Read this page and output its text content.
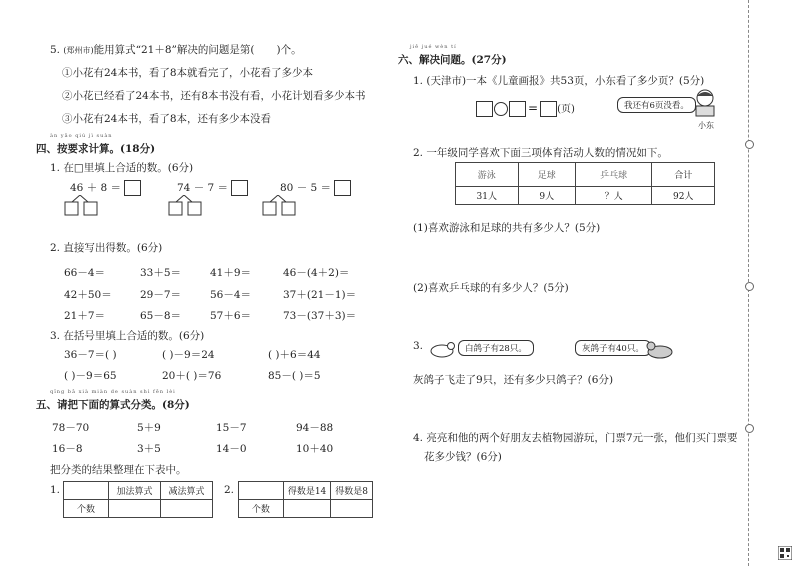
5. (郑州市)能用算式“21＋8”解决的问题是第( )个。
①小花有24本书，看了8本就看完了，小花看了多少本
②小花已经看了24本书，还有8本书没有看，小花计划看多少本书
③小花有24本书，看了8本，还有多少本没看
àn yāo qiú jì suàn
四、按要求计算。(18分)
1. 在□里填上合适的数。(6分)
46 ＋ 8 ＝	74 － 7 ＝	80 － 5 ＝
2. 直接写出得数。(6分)
66－4＝	33＋5＝	41＋9＝	46－(4＋2)＝
42＋50＝	29－7＝	56－4＝	37＋(21－1)＝
21＋7＝	65－8＝	57＋6＝	73－(37＋3)＝
3. 在括号里填上合适的数。(6分)
36－7＝( )	( )－9＝24	( )＋6＝44
( )－9＝65	20＋( )＝76	85－( )＝5
qǐng bǎ xià miàn de suàn shì fēn lèi
五、请把下面的算式分类。(8分)
78－70	5＋9	15－7	94－88
16－8	3＋5	14－0	10＋40
把分类的结果整理在下表中。
1.
		加法算式	减法算式
个数		
2.
		得数是14	得数是8
个数		
jiě jué wèn tí
六、解决问题。(27分)
1. (天津市)一本《儿童画报》共53页，小东看了多少页？(5分)
= (页)	我还有6页没看。
小东
2. 一年级同学喜欢下面三项体育活动人数的情况如下。
游泳	足球	乒乓球	合计
31人	9人	？人	92人
(1)喜欢游泳和足球的共有多少人？(5分)
(2)喜欢乒乓球的有多少人？(5分)
3.	白鸽子有28只。	灰鸽子有40只。
灰鸽子飞走了9只，还有多少只鸽子？(6分)
4. 亮亮和他的两个好朋友去植物园游玩，门票7元一张，他们买门票要
花多少钱？(6分)
